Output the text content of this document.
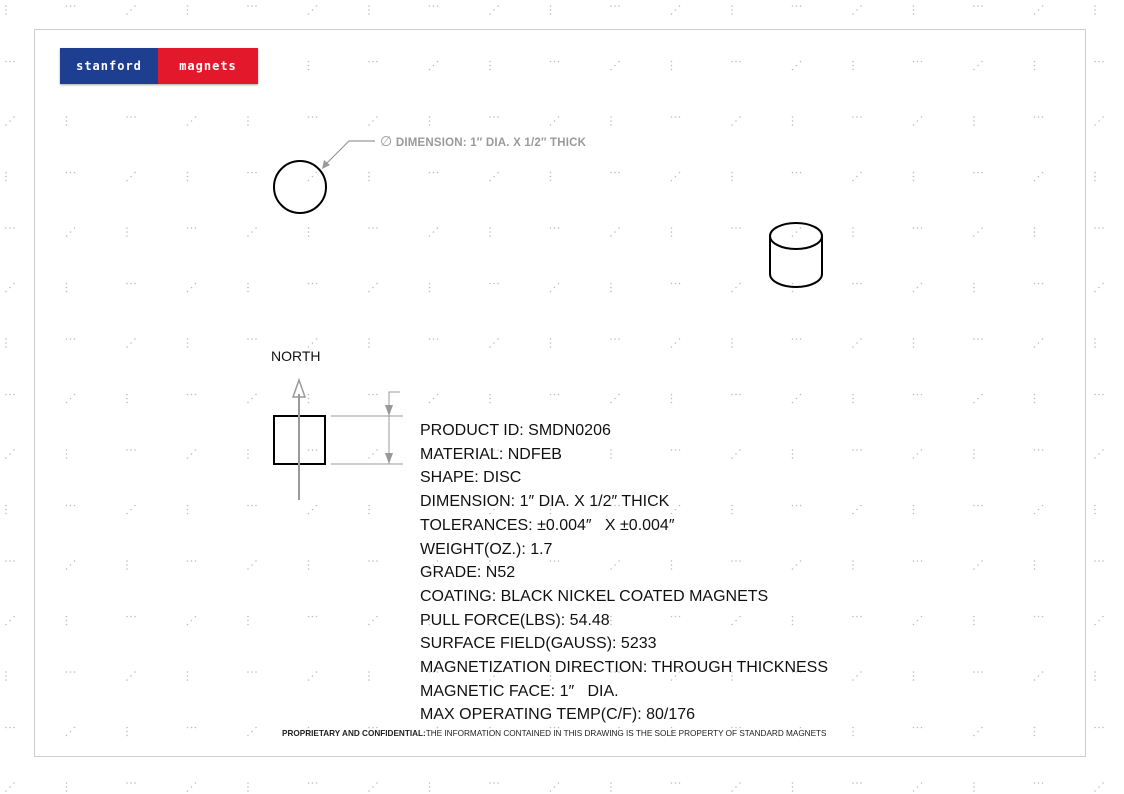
stanford	magnets
∅ DIMENSION: 1″ DIA. X 1/2″ THICK
NORTH
PRODUCT ID: SMDN0206
MATERIAL: NDFEB
SHAPE: DISC
DIMENSION: 1″ DIA. X 1/2″ THICK
TOLERANCES: ±0.004″   X ±0.004″
WEIGHT(OZ.): 1.7
GRADE: N52
COATING: BLACK NICKEL COATED MAGNETS
PULL FORCE(LBS): 54.48
SURFACE FIELD(GAUSS): 5233
MAGNETIZATION DIRECTION: THROUGH THICKNESS
MAGNETIC FACE: 1″   DIA.
MAX OPERATING TEMP(C/F): 80/176
PROPRIETARY AND CONFIDENTIAL:THE INFORMATION CONTAINED IN THIS DRAWING IS THE SOLE PROPERTY OF STANDARD MAGNETS
